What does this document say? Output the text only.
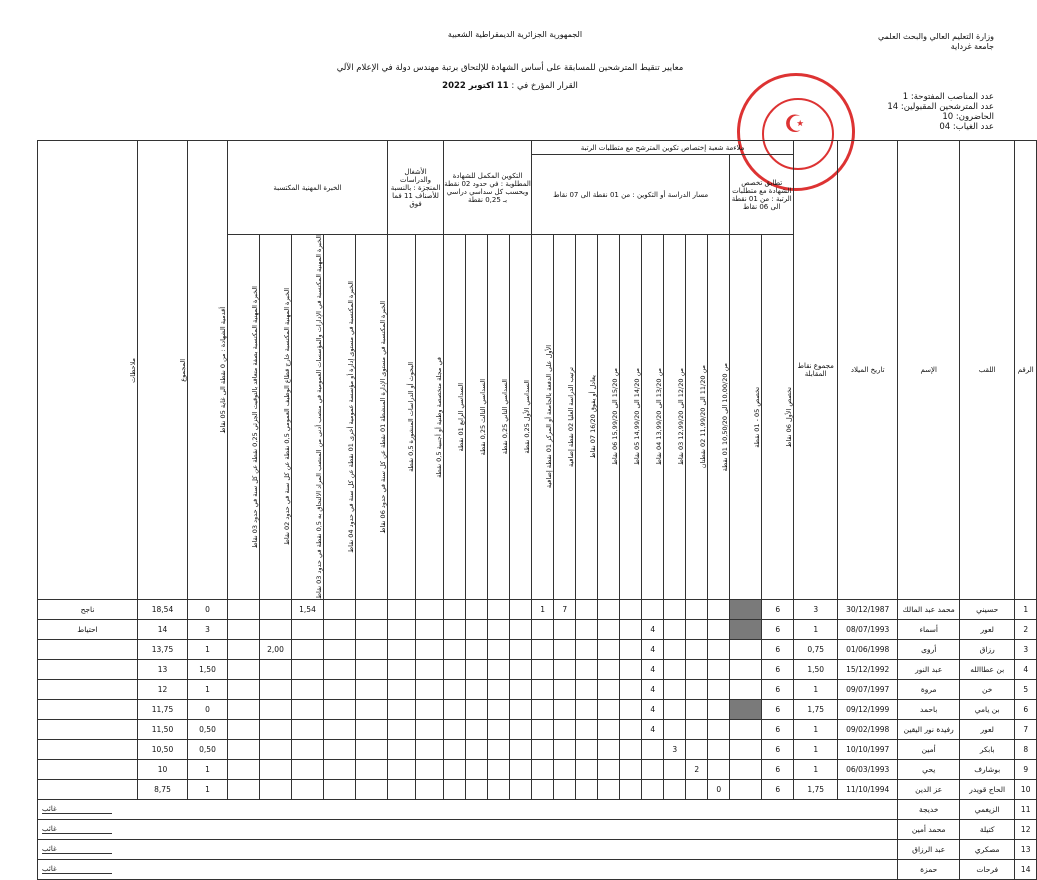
الجمهورية الجزائرية الديمقراطية الشعبية
معايير تنقيط المترشحين للمسابقة على أساس الشهادة للإلتحاق برتبة مهندس دولة في الإعلام الآلي
القرار المؤرخ في : 11 اكتوبر 2022
وزارة التعليم العالي والبحث العلمي
جامعة غرداية
عدد المناصب المفتوحة: 1
عدد المترشحين المقبولين: 14
الحاضرون: 10
عدد الغياب: 04
☪
الرقم	اللقب	الإسم	تاريخ الميلاد	مجموع نقاط المقابلة	ملاءمة شعبة إختصاص تكوين المترشح مع متطلبات الرتبة											التكوين المكمل للشهادة المطلوبة : في حدود 02 نقطة وبحسب كل سداسي دراسي بـ 0,25 نقطة				الأشغال والدراسات المنجزة : بالنسبة للأصناف 11 فما فوق		الخبرة المهنية المكتسبة					أقدمية الشهادة : من 0 نقطة الى غاية 05 نقاط	المجموع	ملاحظات

					تطابق تخصص الشهادة مع متطلبات الرتبة : من 01 نقطة الى 06 نقاط		مسار الدراسة أو التكوين : من 01 نقطة الى 07 نقاط																						

					تخصص الأول 06 نقاط	تخصص 05 - 01 نقطة	من 10,00/20 الى 10,50/20 01 نقطة	من 11/20 الى 11,99/20 02 نقطتان	من 12/20 الى 12,99/20 03 نقاط	من 13/20 الى 13,99/20 04 نقاط	من 14/20 الى 14,99/20 05 نقاط	من 15/20 الى 15,99/20 06 نقاط	يعادل أو يفوق 16/20 07 نقاط	ترتيب الدراسة العليا 02 نقطة إضافية	الأول على الدفعة بالجامعة أو المركز 01 نقطة إضافية	السداسي الأول 0,25 نقطة	السداسي الثاني 0,25 نقطة	السداسي الثالث 0,25 نقطة	السداسي الرابع 01 نقطة	في مجلة متخصصة وطنية أو أجنبية 0,5 نقطة	البحوث أو الدراسات المنشورة 0,5 نقطة	الخبرة المكتسبة في مستوى الإدارة المنشطة 01 نقطة عن كل سنة في حدود 06 نقاط	الخبرة المكتسبة في مستوى إدارة أو مؤسسة عمومية أخرى 01 نقطة عن كل سنة في حدود 04 نقاط	الخبرة المهنية المكتسبة في الإدارات والمؤسسات العمومية في منصب أدنى من المنصب المراد الالتحاق به 0,5 نقطة في حدود 03 نقاط	الخبرة المهنية المكتسبة خارج قطاع الوظيف العمومي 0,5 نقطة عن كل سنة في حدود 02 نقاط	الخبرة المهنية المكتسبة بصفة متعاقد بالتوقيت الجزئي 0,25 نقطة عن كل سنة في حدود 03 نقاط			

1	حسيني	محمد عبد المالك	30/12/1987	3	6									7	1									1,54			0	18,54	ناجح
2	لعور	أسماء	08/07/1993	1	6					4																	3	14	احتياط
3	رزاق	أروى	01/06/1998	0,75	6					4															2,00		1	13,75	
4	بن عطاالله	عبد النور	15/12/1992	1,50	6					4																	1,50	13	
5	خن	مروة	09/07/1997	1	6					4																	1	12	
6	بن يامي	باحمد	09/12/1999	1,75	6					4																	0	11,75	
7	لعور	رفيدة نور اليقين	09/02/1998	1	6					4																	0,50	11,50	
8	بابكر	أمين	10/10/1997	1	6				3																		0,50	10,50	
9	بوشارف	يحي	06/03/1993	1	6			2																			1	10	
10	الحاج قويدر	عز الدين	11/10/1994	1,75	6		0																				1	8,75	
11	الزيغمي	خديجة	غائب																										
12	كتيلة	محمد أمين	غائب																										
13	مصكري	عبد الرزاق	غائب																										
14	فرحات	حمزة	غائب																										
